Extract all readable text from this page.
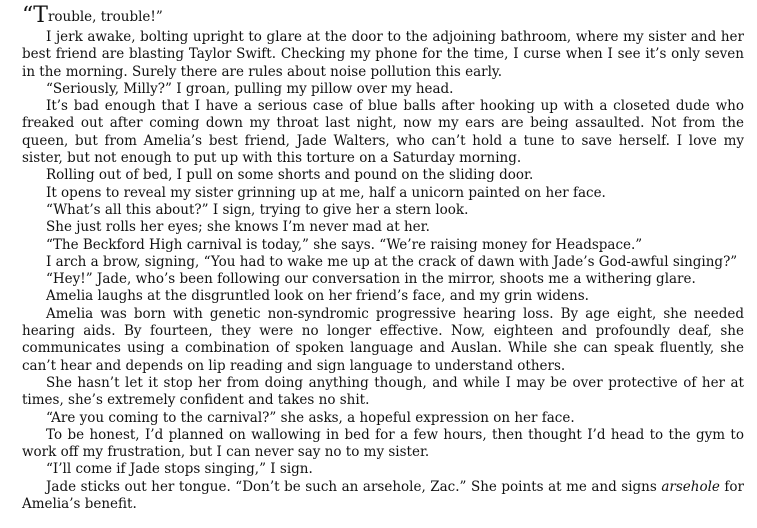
“Trouble, trouble!”

I jerk awake, bolting upright to glare at the door to the adjoining bathroom, where my sister and her best friend are blasting Taylor Swift. Checking my phone for the time, I curse when I see it’s only seven in the morning. Surely there are rules about noise pollution this early.

“Seriously, Milly?” I groan, pulling my pillow over my head.

It’s bad enough that I have a serious case of blue balls after hooking up with a closeted dude who freaked out after coming down my throat last night, now my ears are being assaulted. Not from the queen, but from Amelia’s best friend, Jade Walters, who can’t hold a tune to save herself. I love my sister, but not enough to put up with this torture on a Saturday morning.

Rolling out of bed, I pull on some shorts and pound on the sliding door.

It opens to reveal my sister grinning up at me, half a unicorn painted on her face.

“What’s all this about?” I sign, trying to give her a stern look.

She just rolls her eyes; she knows I’m never mad at her.

“The Beckford High carnival is today,” she says. “We’re raising money for Headspace.”

I arch a brow, signing, “You had to wake me up at the crack of dawn with Jade’s God-awful singing?”

“Hey!” Jade, who’s been following our conversation in the mirror, shoots me a withering glare.

Amelia laughs at the disgruntled look on her friend’s face, and my grin widens.

Amelia was born with genetic non-syndromic progressive hearing loss. By age eight, she needed hearing aids. By fourteen, they were no longer effective. Now, eighteen and profoundly deaf, she communicates using a combination of spoken language and Auslan. While she can speak fluently, she can’t hear and depends on lip reading and sign language to understand others.

She hasn’t let it stop her from doing anything though, and while I may be over protective of her at times, she’s extremely confident and takes no shit.

“Are you coming to the carnival?” she asks, a hopeful expression on her face.

To be honest, I’d planned on wallowing in bed for a few hours, then thought I’d head to the gym to work off my frustration, but I can never say no to my sister.

“I’ll come if Jade stops singing,” I sign.

Jade sticks out her tongue. “Don’t be such an arsehole, Zac.” She points at me and signs arsehole for Amelia’s benefit.
